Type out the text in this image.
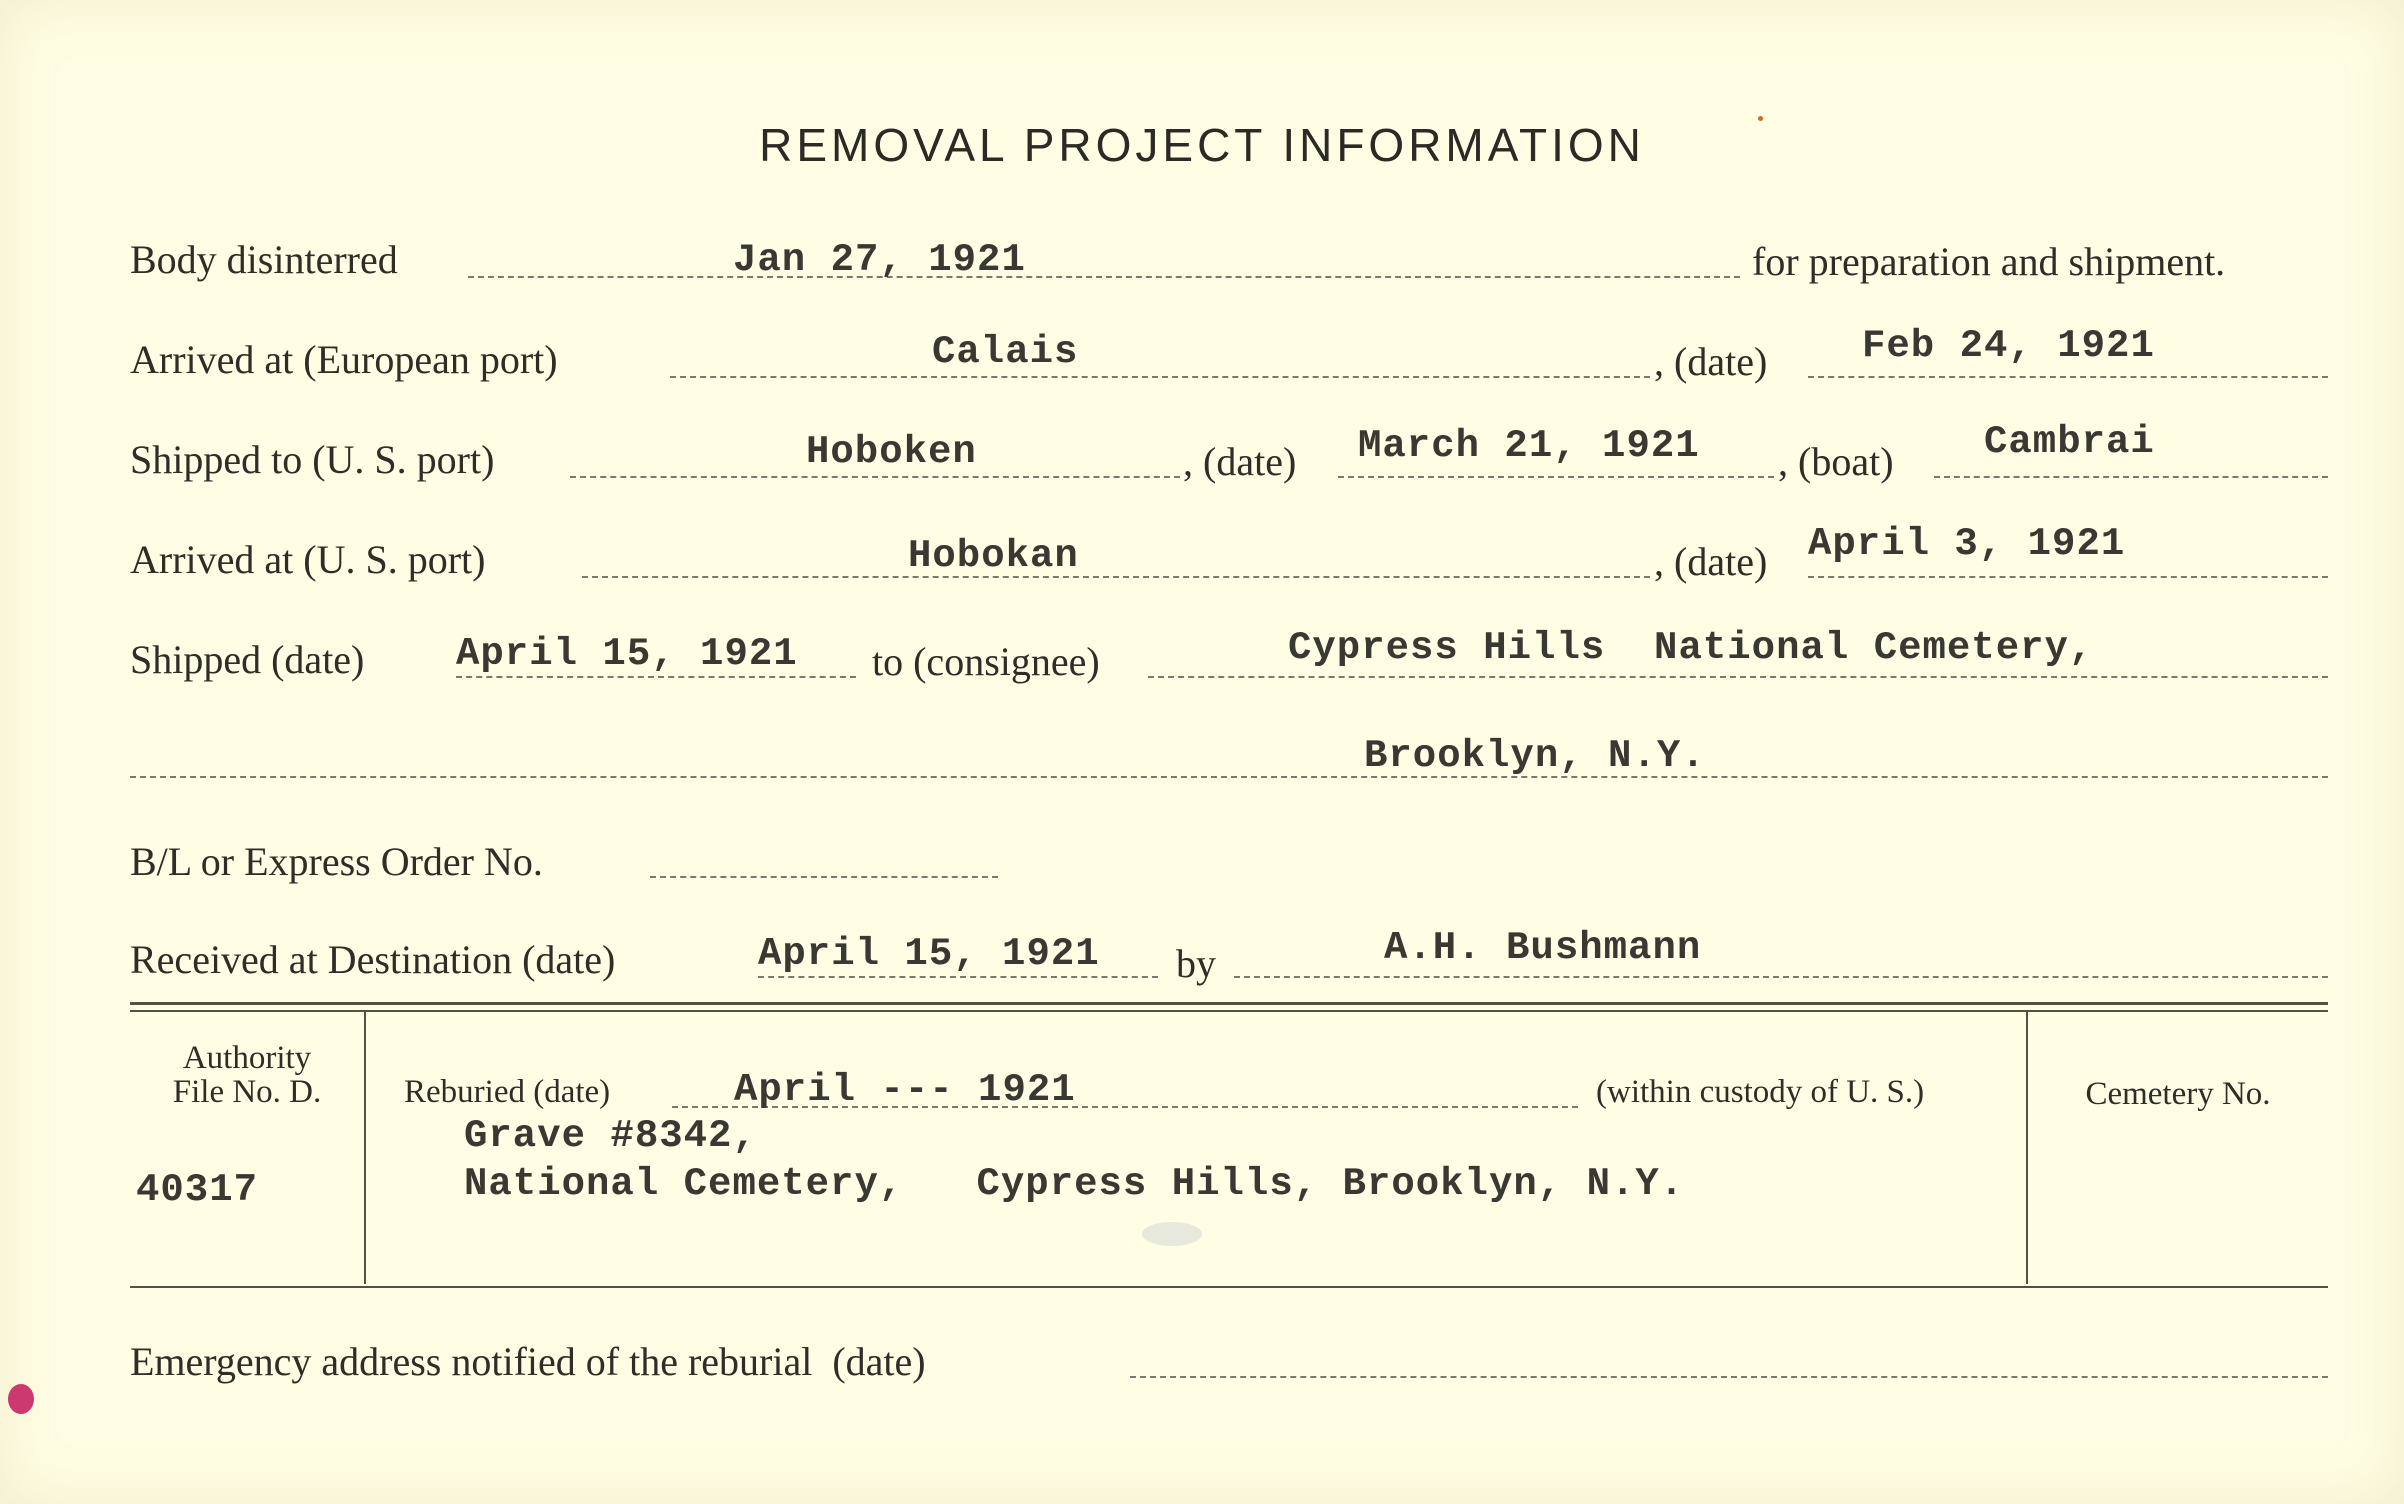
REMOVAL PROJECT INFORMATION
Body disinterred	Jan 27, 1921	for preparation and shipment.
Arrived at (European port)	Calais	, (date) Feb 24, 1921
Shipped to (U. S. port)	Hoboken	, (date) March 21, 1921 , (boat) Cambrai
Arrived at (U. S. port)	Hobokan	, (date) April 3, 1921
Shipped (date) April 15, 1921 to (consignee)	Cypress Hills  National Cemetery,
Brooklyn, N.Y.
B/L or Express Order No.
Received at Destination (date)	April 15, 1921 by	A.H. Bushmann
Authority
File No. D.
40317
Reburied (date)	April --- 1921	(within custody of U. S.)
Grave #8342,
National Cemetery,   Cypress Hills, Brooklyn, N.Y.
Cemetery No.
Emergency address notified of the reburial  (date)
